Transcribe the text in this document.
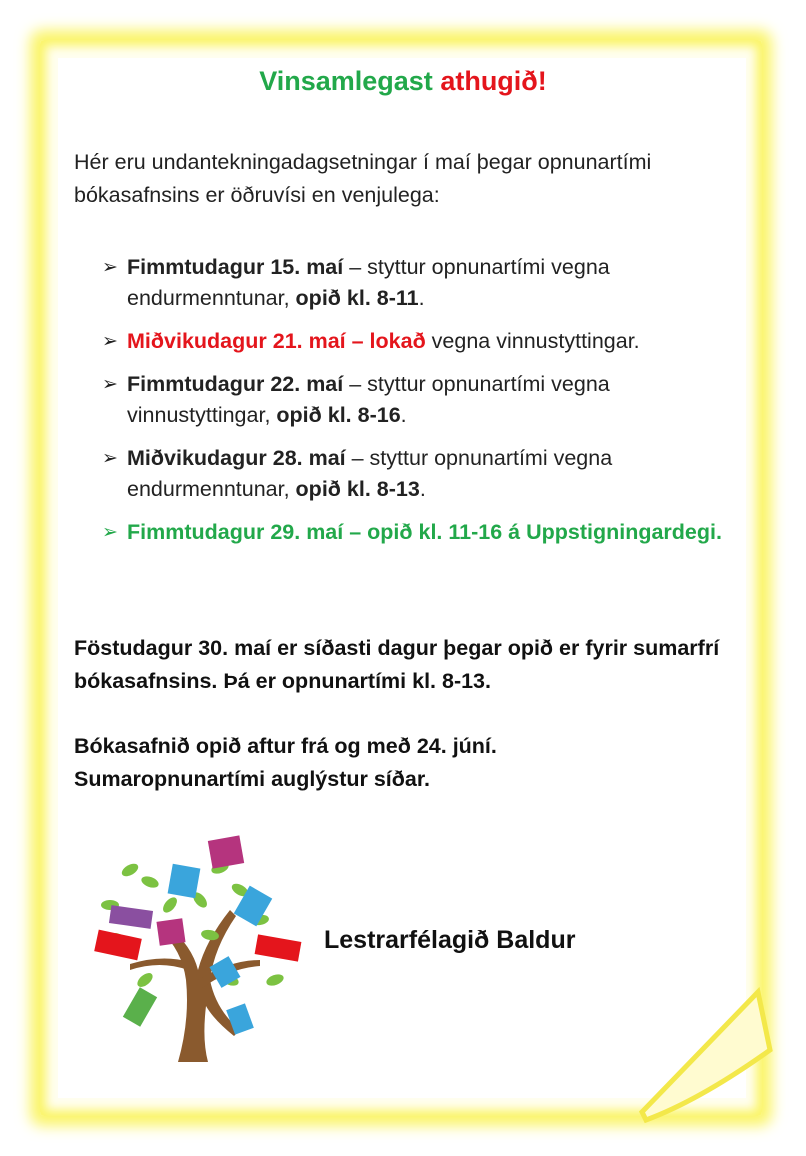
Vinsamlegast athugið!
Hér eru undantekningadagsetningar í maí þegar opnunartími bókasafnsins er öðruvísi en venjulega:
➢ Fimmtudagur 15. maí – styttur opnunartími vegna endurmenntunar, opið kl. 8-11.
➢ Miðvikudagur 21. maí – lokað vegna vinnustyttingar.
➢ Fimmtudagur 22. maí – styttur opnunartími vegna vinnustyttingar, opið kl. 8-16.
➢ Miðvikudagur 28. maí – styttur opnunartími vegna endurmenntunar, opið kl. 8-13.
➢ Fimmtudagur 29. maí – opið kl. 11-16 á Uppstigningardegi.
Föstudagur 30. maí er síðasti dagur þegar opið er fyrir sumarfrí bókasafnsins. Þá er opnunartími kl. 8-13.
Bókasafnið opið aftur frá og með 24. júní.
Sumaropnunartími auglýstur síðar.
Lestrarfélagið Baldur
